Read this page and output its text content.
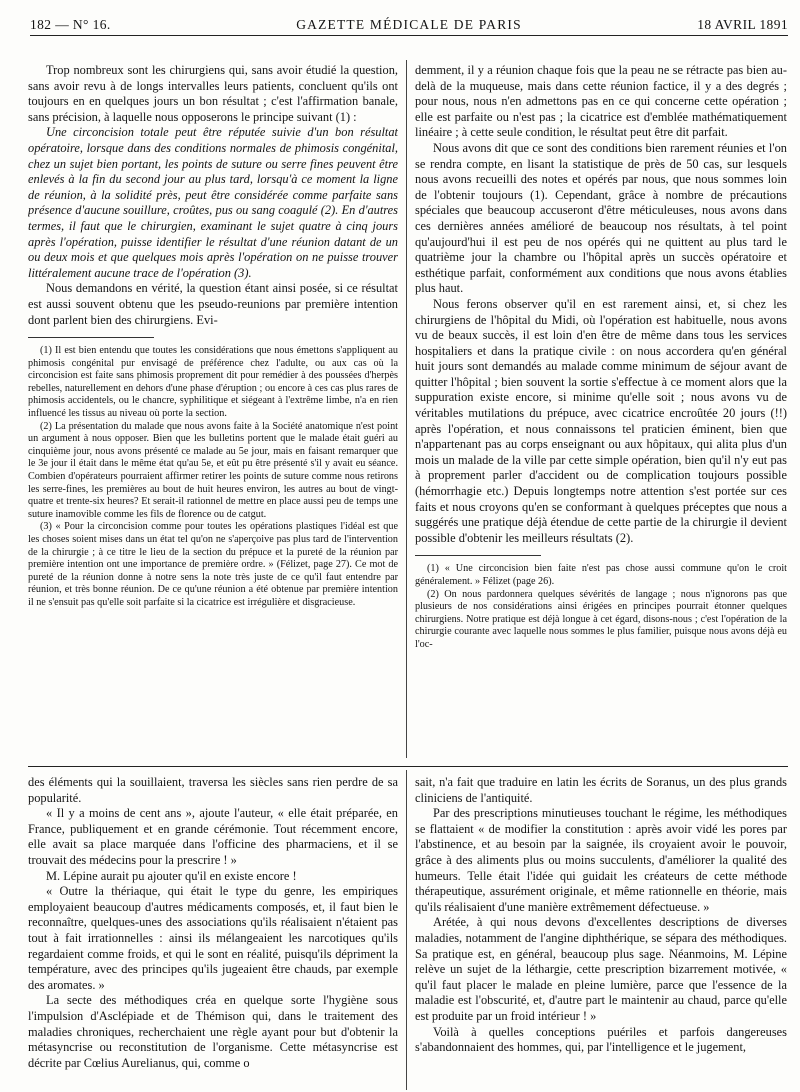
182 — N° 16.	GAZETTE MÉDICALE DE PARIS	18 AVRIL 1891

Trop nombreux sont les chirurgiens qui, sans avoir étudié la question, sans avoir revu à de longs intervalles leurs patients, concluent qu'ils ont toujours en en quelques jours un bon résultat ; c'est l'affirmation banale, sans précision, à laquelle nous opposerons le principe suivant (1) :

Une circoncision totale peut être réputée suivie d'un bon résultat opératoire, lorsque dans des conditions normales de phimosis congénital, chez un sujet bien portant, les points de suture ou serre fines peuvent être enlevés à la fin du second jour au plus tard, lorsqu'à ce moment la ligne de réunion, à la solidité près, peut être considérée comme parfaite sans présence d'aucune souillure, croûtes, pus ou sang coagulé (2). En d'autres termes, il faut que le chirurgien, examinant le sujet quatre à cinq jours après l'opération, puisse identifier le résultat d'une réunion datant de un ou deux mois et que quelques mois après l'opération on ne puisse trouver littéralement aucune trace de l'opération (3).

Nous demandons en vérité, la question étant ainsi posée, si ce résultat est aussi souvent obtenu que les pseudo-reunions par première intention dont parlent bien des chirurgiens. Evi-

(1) Il est bien entendu que toutes les considérations que nous émettons s'appliquent au phimosis congénital pur envisagé de préférence chez l'adulte, ou aux cas où la circoncision est faite sans phimosis proprement dit pour remédier à des poussées d'herpès rebelles, naturellement en dehors d'une phase d'éruption ; ou encore à ces cas plus rares de phimosis accidentels, ou le chancre, syphilitique et siégeant à l'extrême limbe, n'a en rien influencé les tissus au niveau où porte la section.

(2) La présentation du malade que nous avons faite à la Société anatomique n'est point un argument à nous opposer. Bien que les bulletins portent que le malade était guéri au cinquième jour, nous avons présenté ce malade au 5e jour, mais en faisant remarquer que le 3e jour il était dans le même état qu'au 5e, et eût pu être présenté s'il y avait eu séance. Combien d'opérateurs pourraient affirmer retirer les points de suture comme nous retirons les serre-fines, les premières au bout de huit heures environ, les autres au bout de vingt-quatre et trente-six heures? Et serait-il rationnel de mettre en place aussi peu de temps une suture inamovible comme les fils de florence ou de catgut.

(3) « Pour la circoncision comme pour toutes les opérations plastiques l'idéal est que les choses soient mises dans un état tel qu'on ne s'aperçoive pas plus tard de l'intervention de la chirurgie ; à ce titre le lieu de la section du prépuce et la pureté de la réunion par première intention ont une importance de première ordre. » (Félizet, page 27). Ce mot de pureté de la réunion donne à notre sens la note très juste de ce qu'il faut entendre par réunion, et très bonne réunion. De ce qu'une réunion a été obtenue par première intention il ne s'ensuit pas qu'elle soit parfaite si la cicatrice est irrégulière et disgracieuse.

demment, il y a réunion chaque fois que la peau ne se rétracte pas bien au-delà de la muqueuse, mais dans cette réunion factice, il y a des degrés ; pour nous, nous n'en admettons pas en ce qui concerne cette opération ; elle est parfaite ou n'est pas ; la cicatrice est d'emblée mathématiquement linéaire ; à cette seule condition, le résultat peut être dit parfait.

Nous avons dit que ce sont des conditions bien rarement réunies et l'on se rendra compte, en lisant la statistique de près de 50 cas, sur lesquels nous avons recueilli des notes et opérés par nous, que nous sommes loin de l'obtenir toujours (1). Cependant, grâce à nombre de précautions spéciales que beaucoup accuseront d'être méticuleuses, nous avons dans ces dernières années amélioré de beaucoup nos résultats, à tel point qu'aujourd'hui il est peu de nos opérés qui ne quittent au plus tard le quatrième jour la chambre ou l'hôpital après un succès opératoire et esthétique parfait, conformément aux conditions que nous avons établies plus haut.

Nous ferons observer qu'il en est rarement ainsi, et, si chez les chirurgiens de l'hôpital du Midi, où l'opération est habituelle, nous avons vu de beaux succès, il est loin d'en être de même dans tous les services hospitaliers et dans la pratique civile : on nous accordera qu'en général huit jours sont demandés au malade comme minimum de séjour avant de quitter l'hôpital ; bien souvent la sortie s'effectue à ce moment alors que la suppuration existe encore, si minime qu'elle soit ; nous avons vu de véritables mutilations du prépuce, avec cicatrice encroûtée 20 jours (!!) après l'opération, et nous connaissons tel praticien éminent, bien que n'appartenant pas au corps enseignant ou aux hôpitaux, qui alita plus d'un mois un malade de la ville par cette simple opération, bien qu'il n'y eut pas à proprement parler d'accident ou de complication toujours possible (hémorrhagie etc.) Depuis longtemps notre attention s'est portée sur ces faits et nous croyons qu'en se conformant à quelques préceptes que nous a suggérés une pratique déjà étendue de cette partie de la chirurgie il devient possible d'obtenir les meilleurs résultats (2).

(1) « Une circoncision bien faite n'est pas chose aussi commune qu'on le croit généralement. » Félizet (page 26).

(2) On nous pardonnera quelques sévérités de langage ; nous n'ignorons pas que plusieurs de nos considérations ainsi érigées en principes pourrait étonner quelques chirurgiens. Notre pratique est déjà longue à cet égard, disons-nous ; c'est l'opération de la chirurgie courante avec laquelle nous sommes le plus familier, puisque nous avons déjà eu l'oc-

des éléments qui la souillaient, traversa les siècles sans rien perdre de sa popularité.

« Il y a moins de cent ans », ajoute l'auteur, « elle était préparée, en France, publiquement et en grande cérémonie. Tout récemment encore, elle avait sa place marquée dans l'officine des pharmaciens, et il se trouvait des médecins pour la prescrire ! »

M. Lépine aurait pu ajouter qu'il en existe encore !

« Outre la thériaque, qui était le type du genre, les empiriques employaient beaucoup d'autres médicaments composés, et, il faut bien le reconnaître, quelques-unes des associations qu'ils réalisaient n'étaient pas tout à fait irrationnelles : ainsi ils mélangeaient les narcotiques qu'ils regardaient comme froids, et qui le sont en réalité, puisqu'ils dépriment la température, avec des principes qu'ils jugeaient être chauds, par exemple des aromates. »

La secte des méthodiques créa en quelque sorte l'hygiène sous l'impulsion d'Asclépiade et de Thémison qui, dans le traitement des maladies chroniques, recherchaient une règle ayant pour but d'obtenir la métasyncrise ou reconstitution de l'organisme. Cette métasyncrise est décrite par Cœlius Aurelianus, qui, comme o

sait, n'a fait que traduire en latin les écrits de Soranus, un des plus grands cliniciens de l'antiquité.

Par des prescriptions minutieuses touchant le régime, les méthodiques se flattaient « de modifier la constitution : après avoir vidé les pores par l'abstinence, et au besoin par la saignée, ils croyaient avoir le pouvoir, grâce à des aliments plus ou moins succulents, d'améliorer la qualité des humeurs. Telle était l'idée qui guidait les créateurs de cette méthode thérapeutique, assurément originale, et même rationnelle en théorie, mais qu'ils réalisaient d'une manière extrêmement défectueuse. »

Arétée, à qui nous devons d'excellentes descriptions de diverses maladies, notamment de l'angine diphthérique, se sépara des méthodiques. Sa pratique est, en général, beaucoup plus sage. Néanmoins, M. Lépine relève un sujet de la léthargie, cette prescription bizarrement motivée, « qu'il faut placer le malade en pleine lumière, parce que l'essence de la maladie est l'obscurité, et, d'autre part le maintenir au chaud, parce qu'elle est produite par un froid intérieur ! »

Voilà à quelles conceptions puériles et parfois dangereuses s'abandonnaient des hommes, qui, par l'intelligence et le jugement,
